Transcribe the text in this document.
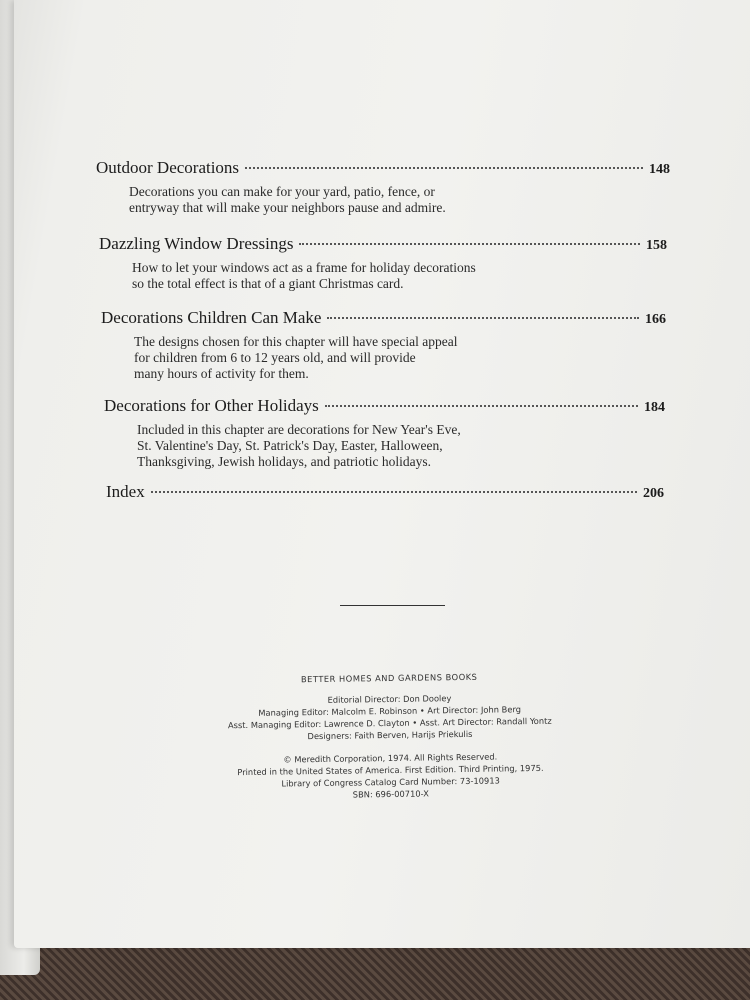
Outdoor Decorations	148
Decorations you can make for your yard, patio, fence, or
entryway that will make your neighbors pause and admire.
Dazzling Window Dressings	158
How to let your windows act as a frame for holiday decorations
so the total effect is that of a giant Christmas card.
Decorations Children Can Make	166
The designs chosen for this chapter will have special appeal
for children from 6 to 12 years old, and will provide
many hours of activity for them.
Decorations for Other Holidays	184
Included in this chapter are decorations for New Year's Eve,
St. Valentine's Day, St. Patrick's Day, Easter, Halloween,
Thanksgiving, Jewish holidays, and patriotic holidays.
Index	206
BETTER HOMES AND GARDENS BOOKS
Editorial Director: Don Dooley
Managing Editor: Malcolm E. Robinson • Art Director: John Berg
Asst. Managing Editor: Lawrence D. Clayton • Asst. Art Director: Randall Yontz
Designers: Faith Berven, Harijs Priekulis
© Meredith Corporation, 1974. All Rights Reserved.
Printed in the United States of America. First Edition. Third Printing, 1975.
Library of Congress Catalog Card Number: 73-10913
SBN: 696-00710-X
